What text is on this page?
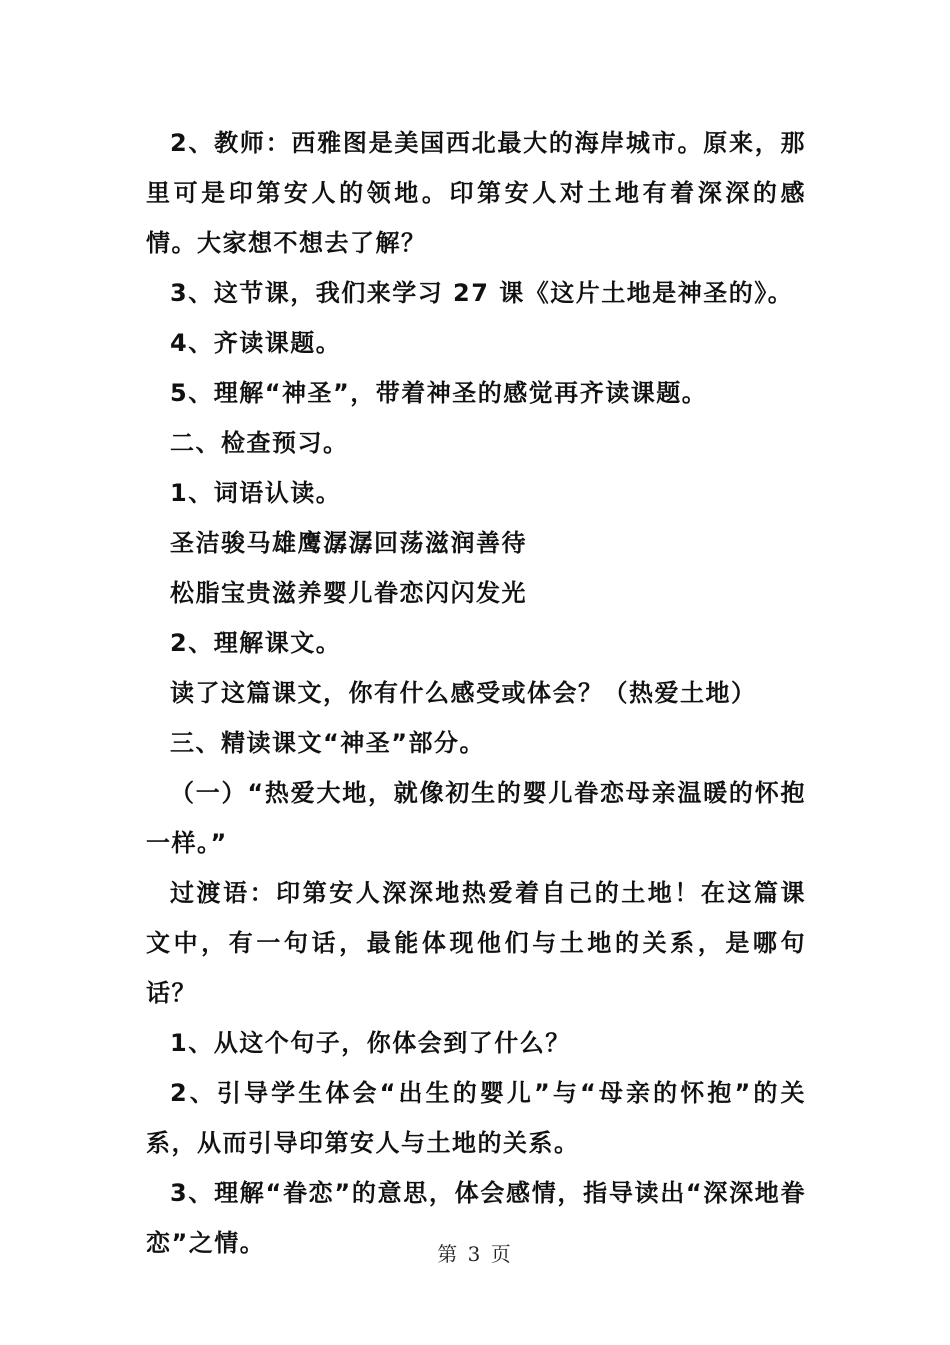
2、教师：西雅图是美国西北最大的海岸城市。原来，那里可是印第安人的领地。印第安人对土地有着深深的感情。大家想不想去了解？

3、这节课，我们来学习 27 课《这片土地是神圣的》。

4、齐读课题。

5、理解“神圣”，带着神圣的感觉再齐读课题。

二、检查预习。

1、词语认读。

圣洁骏马雄鹰潺潺回荡滋润善待

松脂宝贵滋养婴儿眷恋闪闪发光

2、理解课文。

读了这篇课文，你有什么感受或体会？（热爱土地）

三、精读课文“神圣”部分。

（一）“热爱大地，就像初生的婴儿眷恋母亲温暖的怀抱一样。”

过渡语：印第安人深深地热爱着自己的土地！在这篇课文中，有一句话，最能体现他们与土地的关系，是哪句话？

1、从这个句子，你体会到了什么？

2、引导学生体会“出生的婴儿”与“母亲的怀抱”的关系，从而引导印第安人与土地的关系。

3、理解“眷恋”的意思，体会感情，指导读出“深深地眷恋”之情。	第 3 页
